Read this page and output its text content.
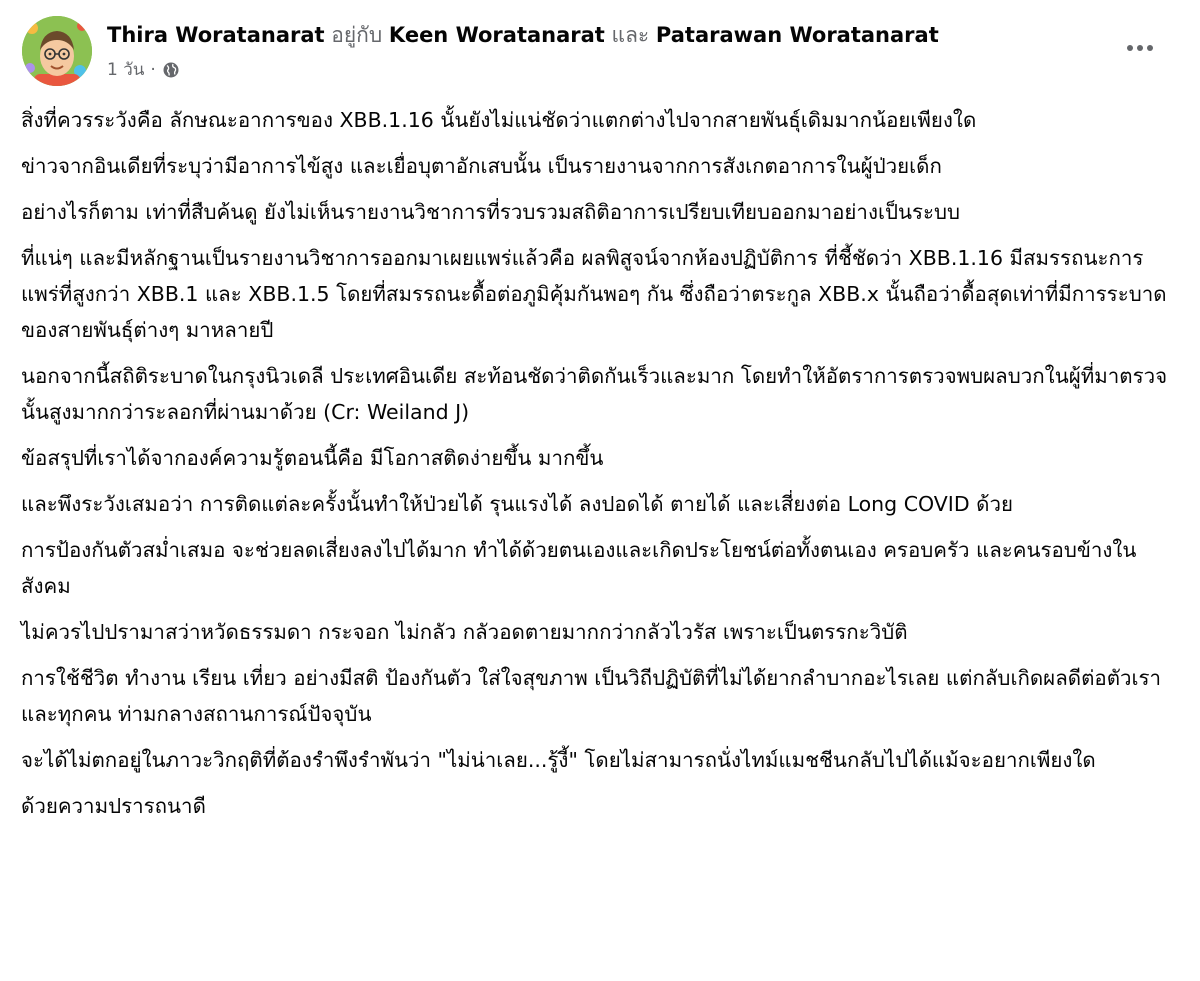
Thira Woratanarat อยู่กับ Keen Woratanarat และ Patarawan Woratanarat
1 วัน ·

สิ่งที่ควรระวังคือ ลักษณะอาการของ XBB.1.16 นั้นยังไม่แน่ชัดว่าแตกต่างไปจากสายพันธุ์เดิมมากน้อยเพียงใด

ข่าวจากอินเดียที่ระบุว่ามีอาการไข้สูง และเยื่อบุตาอักเสบนั้น เป็นรายงานจากการสังเกตอาการในผู้ป่วยเด็ก

อย่างไรก็ตาม เท่าที่สืบค้นดู ยังไม่เห็นรายงานวิชาการที่รวบรวมสถิติอาการเปรียบเทียบออกมาอย่างเป็นระบบ

ที่แน่ๆ และมีหลักฐานเป็นรายงานวิชาการออกมาเผยแพร่แล้วคือ ผลพิสูจน์จากห้องปฏิบัติการ ที่ชี้ชัดว่า XBB.1.16 มีสมรรถนะการแพร่ที่สูงกว่า XBB.1 และ XBB.1.5 โดยที่สมรรถนะดื้อต่อภูมิคุ้มกันพอๆ กัน ซึ่งถือว่าตระกูล XBB.x นั้นถือว่าดื้อสุดเท่าที่มีการระบาดของสายพันธุ์ต่างๆ มาหลายปี

นอกจากนี้สถิติระบาดในกรุงนิวเดลี ประเทศอินเดีย สะท้อนชัดว่าติดกันเร็วและมาก โดยทำให้อัตราการตรวจพบผลบวกในผู้ที่มาตรวจนั้นสูงมากกว่าระลอกที่ผ่านมาด้วย (Cr: Weiland J)

ข้อสรุปที่เราได้จากองค์ความรู้ตอนนี้คือ มีโอกาสติดง่ายขึ้น มากขึ้น

และพึงระวังเสมอว่า การติดแต่ละครั้งนั้นทำให้ป่วยได้ รุนแรงได้ ลงปอดได้ ตายได้ และเสี่ยงต่อ Long COVID ด้วย

การป้องกันตัวสม่ำเสมอ จะช่วยลดเสี่ยงลงไปได้มาก ทำได้ด้วยตนเองและเกิดประโยชน์ต่อทั้งตนเอง ครอบครัว และคนรอบข้างในสังคม

ไม่ควรไปปรามาสว่าหวัดธรรมดา กระจอก ไม่กลัว กลัวอดตายมากกว่ากลัวไวรัส เพราะเป็นตรรกะวิบัติ

การใช้ชีวิต ทำงาน เรียน เที่ยว อย่างมีสติ ป้องกันตัว ใส่ใจสุขภาพ เป็นวิถีปฏิบัติที่ไม่ได้ยากลำบากอะไรเลย แต่กลับเกิดผลดีต่อตัวเราและทุกคน ท่ามกลางสถานการณ์ปัจจุบัน

จะได้ไม่ตกอยู่ในภาวะวิกฤติที่ต้องรำพึงรำพันว่า "ไม่น่าเลย...รู้งี้" โดยไม่สามารถนั่งไทม์แมชชีนกลับไปได้แม้จะอยากเพียงใด

ด้วยความปรารถนาดี
